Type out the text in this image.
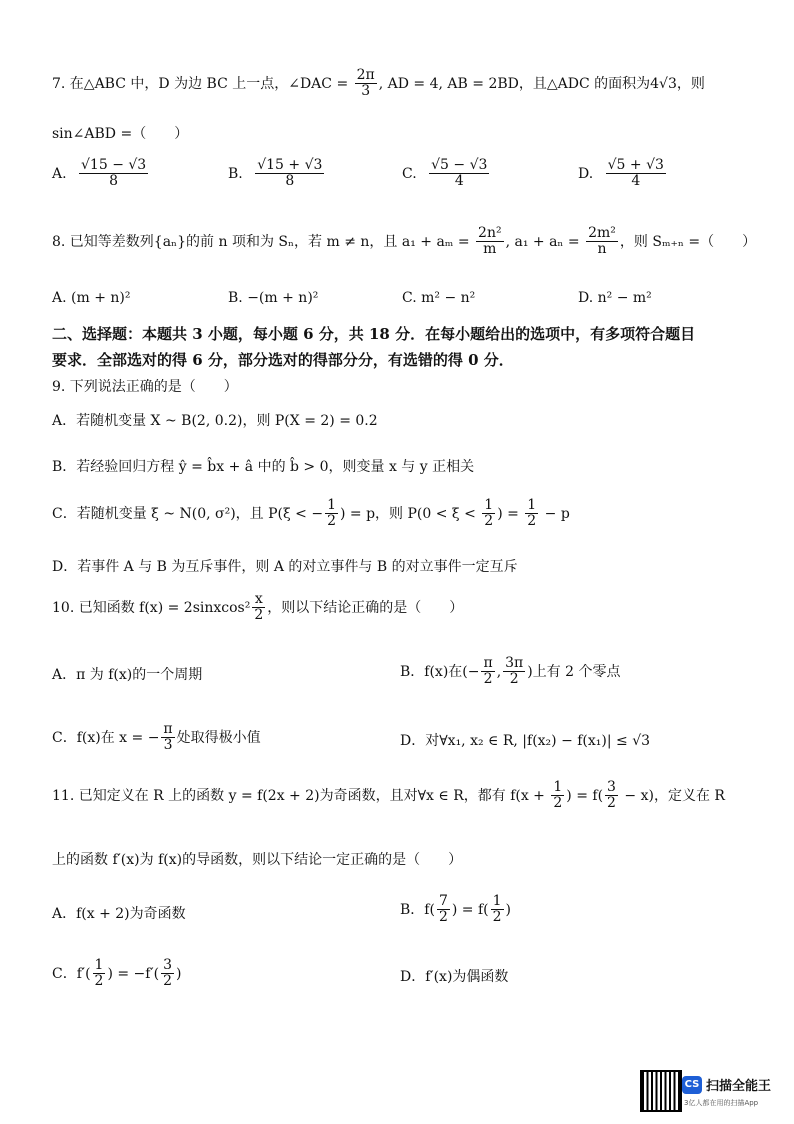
7. 在△ABC 中，D 为边 BC 上一点，∠DAC = $\frac{2\pi}{3}$ , AD = 4, AB = 2BD，且△ADC 的面积为4√3，则
sin∠ABD =（　　）
A. $\frac{√15 - √3}{8}$	B. $\frac{√15 + √3}{8}$	C. $\frac{√5 - √3}{4}$	D. $\frac{√5 + √3}{4}$
8. 已知等差数列{aₙ}的前 n 项和为 Sₙ，若 m ≠ n，且 $a_1 + a_m = \frac{\text{2n²}}{m}$ , $a_1 + a_n = \frac{\text{2m²}}{n}$ ，则 Sₘ₊ₙ =（　　）
A. (m + n)²	B. −(m + n)²	C. m² − n²	D. n² − m²
二、选择题：本题共 3 小题，每小题 6 分，共 18 分．在每小题给出的选项中，有多项符合题目
要求．全部选对的得 6 分，部分选对的得部分分，有选错的得 0 分．
9. 下列说法正确的是（　　）
A．若随机变量 X ~ B(2, 0.2)，则 P(X = 2) = 0.2
B．若经验回归方程 ŷ = b̂x + â 中的 b̂ > 0，则变量 x 与 y 正相关
C．若随机变量 ξ ~ N(0, σ²)，且 P(ξ < − $\frac{1}{2}$ ) = p，则 $P(0 < \xi < \frac{1}{2}$ ) = $\frac{1}{2} - p$
D．若事件 A 与 B 为互斥事件，则 A 的对立事件与 B 的对立事件一定互斥
10. 已知函数 f(x) = 2sinxcos² $\frac{x}{2}$ ，则以下结论正确的是（　　）
A．π 为 f(x)的一个周期	B．f(x)在(− $\frac{\pi}{2}$ , $\frac{3\pi}{2}$ )上有 2 个零点
C．f(x)在 x = − $\frac{\pi}{3}$ 处取得极小值	D．对∀x₁, x₂ ∈ R, |f(x₂) − f(x₁)| ≤ √3
11. 已知定义在 R 上的函数 y = f(2x + 2)为奇函数，且对∀x ∈ R，都有 $f(x + \frac{1}{2}$ ) = $f( \frac{3}{2} - x)$，定义在 R
上的函数 f′(x)为 f(x)的导函数，则以下结论一定正确的是（　　）
A．f(x + 2)为奇函数	B．$f( \frac{7}{2}$ ) = $f( \frac{1}{2}$ )
C．$f'( \frac{1}{2}$ ) = $-f'( \frac{3}{2}$ )	D．f′(x)为偶函数
CS 扫描全能王
3亿人都在用的扫描App
